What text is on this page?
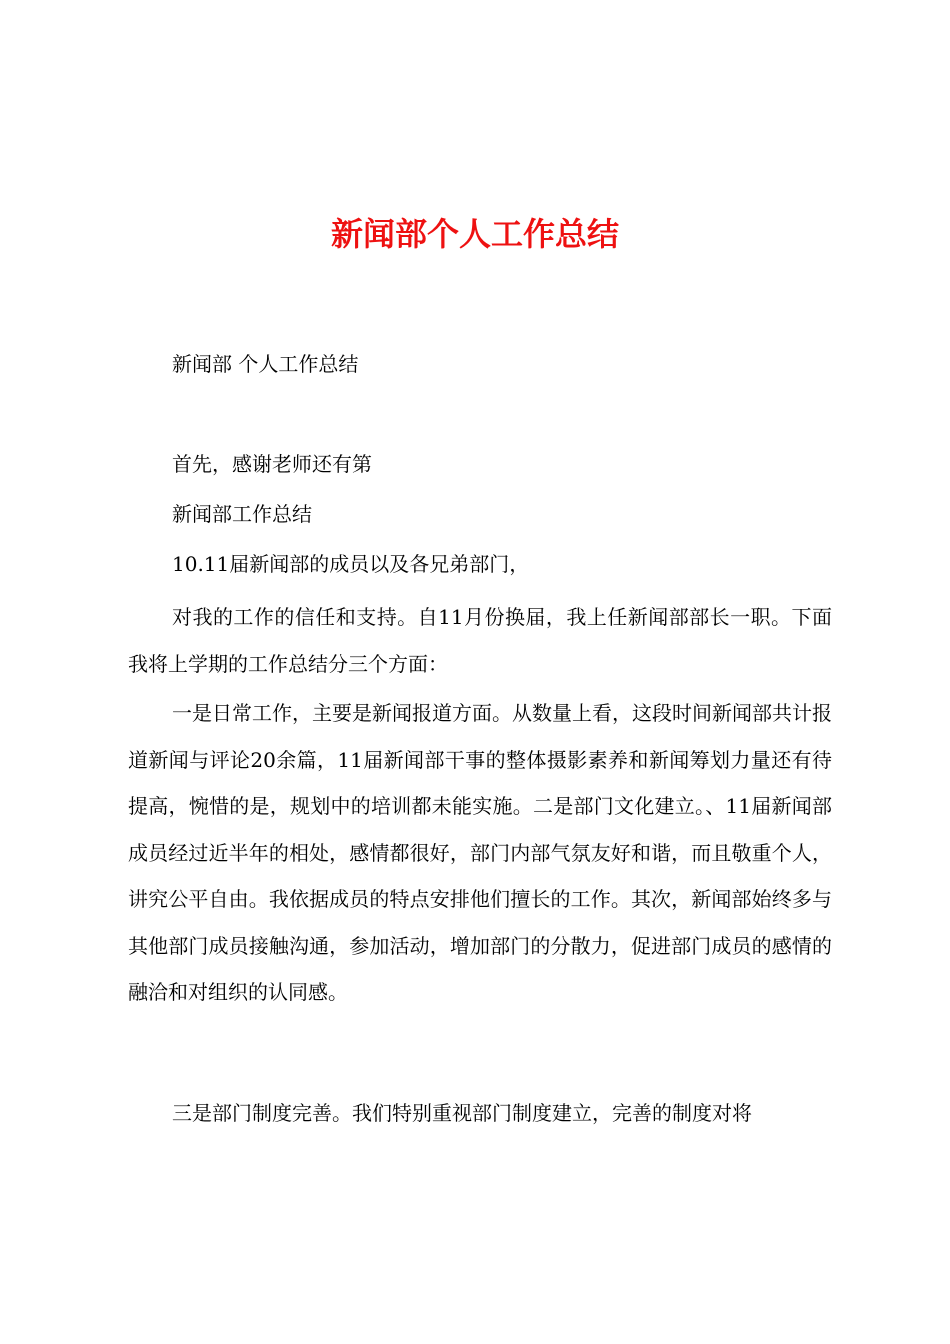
新闻部个人工作总结

新闻部 个人工作总结

首先，感谢老师还有第

新闻部工作总结

10.11届新闻部的成员以及各兄弟部门，

对我的工作的信任和支持。自11月份换届，我上任新闻部部长一职。下面我将上学期的工作总结分三个方面：

一是日常工作，主要是新闻报道方面。从数量上看，这段时间新闻部共计报道新闻与评论20余篇，11届新闻部干事的整体摄影素养和新闻筹划力量还有待提高，惋惜的是，规划中的培训都未能实施。二是部门文化建立。、11届新闻部成员经过近半年的相处，感情都很好，部门内部气氛友好和谐，而且敬重个人，讲究公平自由。我依据成员的特点安排他们擅长的工作。其次，新闻部始终多与其他部门成员接触沟通，参加活动，增加部门的分散力，促进部门成员的感情的融洽和对组织的认同感。

三是部门制度完善。我们特别重视部门制度建立，完善的制度对将
